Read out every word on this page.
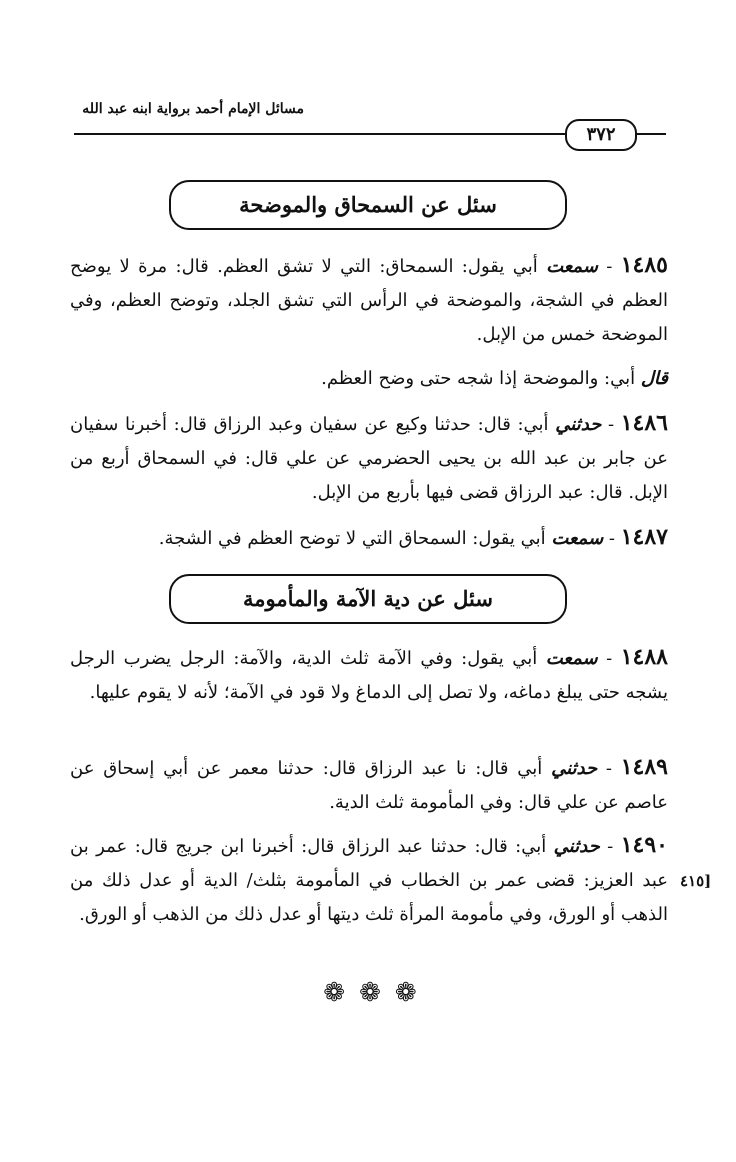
مسائل الإمام أحمد برواية ابنه عبد الله
٣٧٢
سئل عن السمحاق والموضحة
١٤٨٥ - سمعت أبي يقول: السمحاق: التي لا تشق العظم. قال: مرة لا يوضح العظم في الشجة، والموضحة في الرأس التي تشق الجلد، وتوضح العظم، وفي الموضحة خمس من الإبل.
قال أبي: والموضحة إذا شجه حتى وضح العظم.
١٤٨٦ - حدثني أبي: قال: حدثنا وكيع عن سفيان وعبد الرزاق قال: أخبرنا سفيان عن جابر بن عبد الله بن يحيى الحضرمي عن علي قال: في السمحاق أربع من الإبل. قال: عبد الرزاق قضى فيها بأربع من الإبل.
١٤٨٧ - سمعت أبي يقول: السمحاق التي لا توضح العظم في الشجة.
سئل عن دية الآمة والمأمومة
١٤٨٨ - سمعت أبي يقول: وفي الآمة ثلث الدية، والآمة: الرجل يضرب الرجل يشجه حتى يبلغ دماغه، ولا تصل إلى الدماغ ولا قود في الآمة؛ لأنه لا يقوم عليها.
١٤٨٩ - حدثني أبي قال: نا عبد الرزاق قال: حدثنا معمر عن أبي إسحاق عن عاصم عن علي قال: وفي المأمومة ثلث الدية.
١٤٩٠ - حدثني أبي: قال: حدثنا عبد الرزاق قال: أخبرنا ابن جريج قال: عمر بن عبد العزيز: قضى عمر بن الخطاب في المأمومة بثلث/ الدية أو عدل ذلك من الذهب أو الورق، وفي مأمومة المرأة ثلث ديتها أو عدل ذلك من الذهب أو الورق.
[٤١٥
❁ ❁ ❁
